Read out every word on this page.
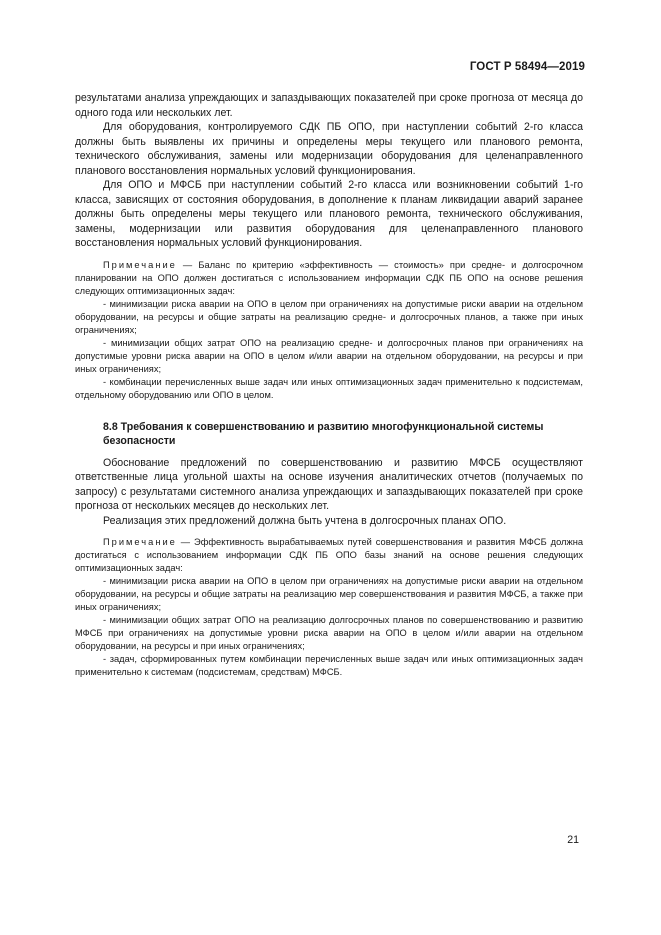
ГОСТ Р 58494—2019

результатами анализа упреждающих и запаздывающих показателей при сроке прогноза от месяца до одного года или нескольких лет.

Для оборудования, контролируемого СДК ПБ ОПО, при наступлении событий 2-го класса должны быть выявлены их причины и определены меры текущего или планового ремонта, технического обслуживания, замены или модернизации оборудования для целенаправленного планового восстановления нормальных условий функционирования.

Для ОПО и МФСБ при наступлении событий 2-го класса или возникновении событий 1-го класса, зависящих от состояния оборудования, в дополнение к планам ликвидации аварий заранее должны быть определены меры текущего или планового ремонта, технического обслуживания, замены, модернизации или развития оборудования для целенаправленного планового восстановления нормальных условий функционирования.

Примечание — Баланс по критерию «эффективность — стоимость» при средне- и долгосрочном планировании на ОПО должен достигаться с использованием информации СДК ПБ ОПО на основе решения следующих оптимизационных задач:

- минимизации риска аварии на ОПО в целом при ограничениях на допустимые риски аварии на отдельном оборудовании, на ресурсы и общие затраты на реализацию средне- и долгосрочных планов, а также при иных ограничениях;

- минимизации общих затрат ОПО на реализацию средне- и долгосрочных планов при ограничениях на допустимые уровни риска аварии на ОПО в целом и/или аварии на отдельном оборудовании, на ресурсы и при иных ограничениях;

- комбинации перечисленных выше задач или иных оптимизационных задач применительно к подсистемам, отдельному оборудованию или ОПО в целом.

8.8 Требования к совершенствованию и развитию многофункциональной системы безопасности

Обоснование предложений по совершенствованию и развитию МФСБ осуществляют ответственные лица угольной шахты на основе изучения аналитических отчетов (получаемых по запросу) с результатами системного анализа упреждающих и запаздывающих показателей при сроке прогноза от нескольких месяцев до нескольких лет.

Реализация этих предложений должна быть учтена в долгосрочных планах ОПО.

Примечание — Эффективность вырабатываемых путей совершенствования и развития МФСБ должна достигаться с использованием информации СДК ПБ ОПО базы знаний на основе решения следующих оптимизационных задач:

- минимизации риска аварии на ОПО в целом при ограничениях на допустимые риски аварии на отдельном оборудовании, на ресурсы и общие затраты на реализацию мер совершенствования и развития МФСБ, а также при иных ограничениях;

- минимизации общих затрат ОПО на реализацию долгосрочных планов по совершенствованию и развитию МФСБ при ограничениях на допустимые уровни риска аварии на ОПО в целом и/или аварии на отдельном оборудовании, на ресурсы и при иных ограничениях;

- задач, сформированных путем комбинации перечисленных выше задач или иных оптимизационных задач применительно к системам (подсистемам, средствам) МФСБ.

21
